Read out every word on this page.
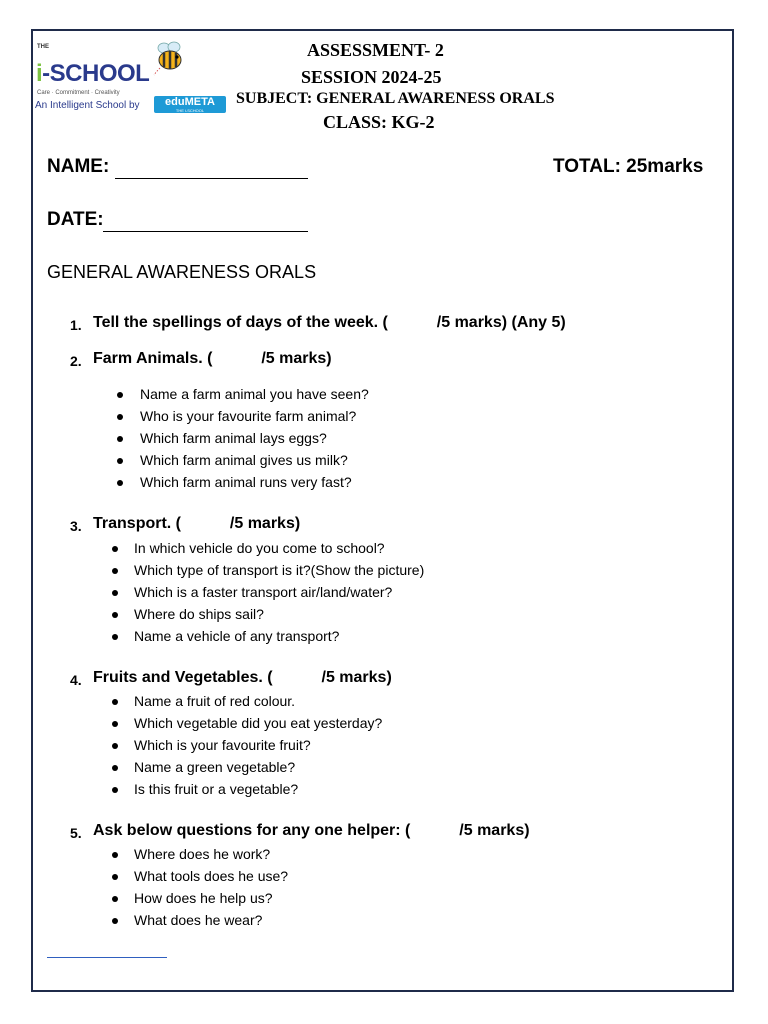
THE
i-SCHOOL
Care · Commitment · Creativity
An Intelligent School by	eduMETA
THE i-SCHOOL
ASSESSMENT- 2
SESSION 2024-25
SUBJECT: GENERAL AWARENESS ORALS
CLASS: KG-2
NAME:	TOTAL: 25marks
DATE:
GENERAL AWARENESS ORALS
1. Tell the spellings of days of the week. (           /5 marks) (Any 5)
2. Farm Animals. (           /5 marks)
Name a farm animal you have seen?
Who is your favourite farm animal?
Which farm animal lays eggs?
Which farm animal gives us milk?
Which farm animal runs very fast?
3. Transport. (           /5 marks)
In which vehicle do you come to school?
Which type of transport is it?(Show the picture)
Which is a faster transport air/land/water?
Where do ships sail?
Name a vehicle of any transport?
4. Fruits and Vegetables. (           /5 marks)
Name a fruit of red colour.
Which vegetable did you eat yesterday?
Which is your favourite fruit?
Name a green vegetable?
Is this fruit or a vegetable?
5. Ask below questions for any one helper: (           /5 marks)
Where does he work?
What tools does he use?
How does he help us?
What does he wear?
